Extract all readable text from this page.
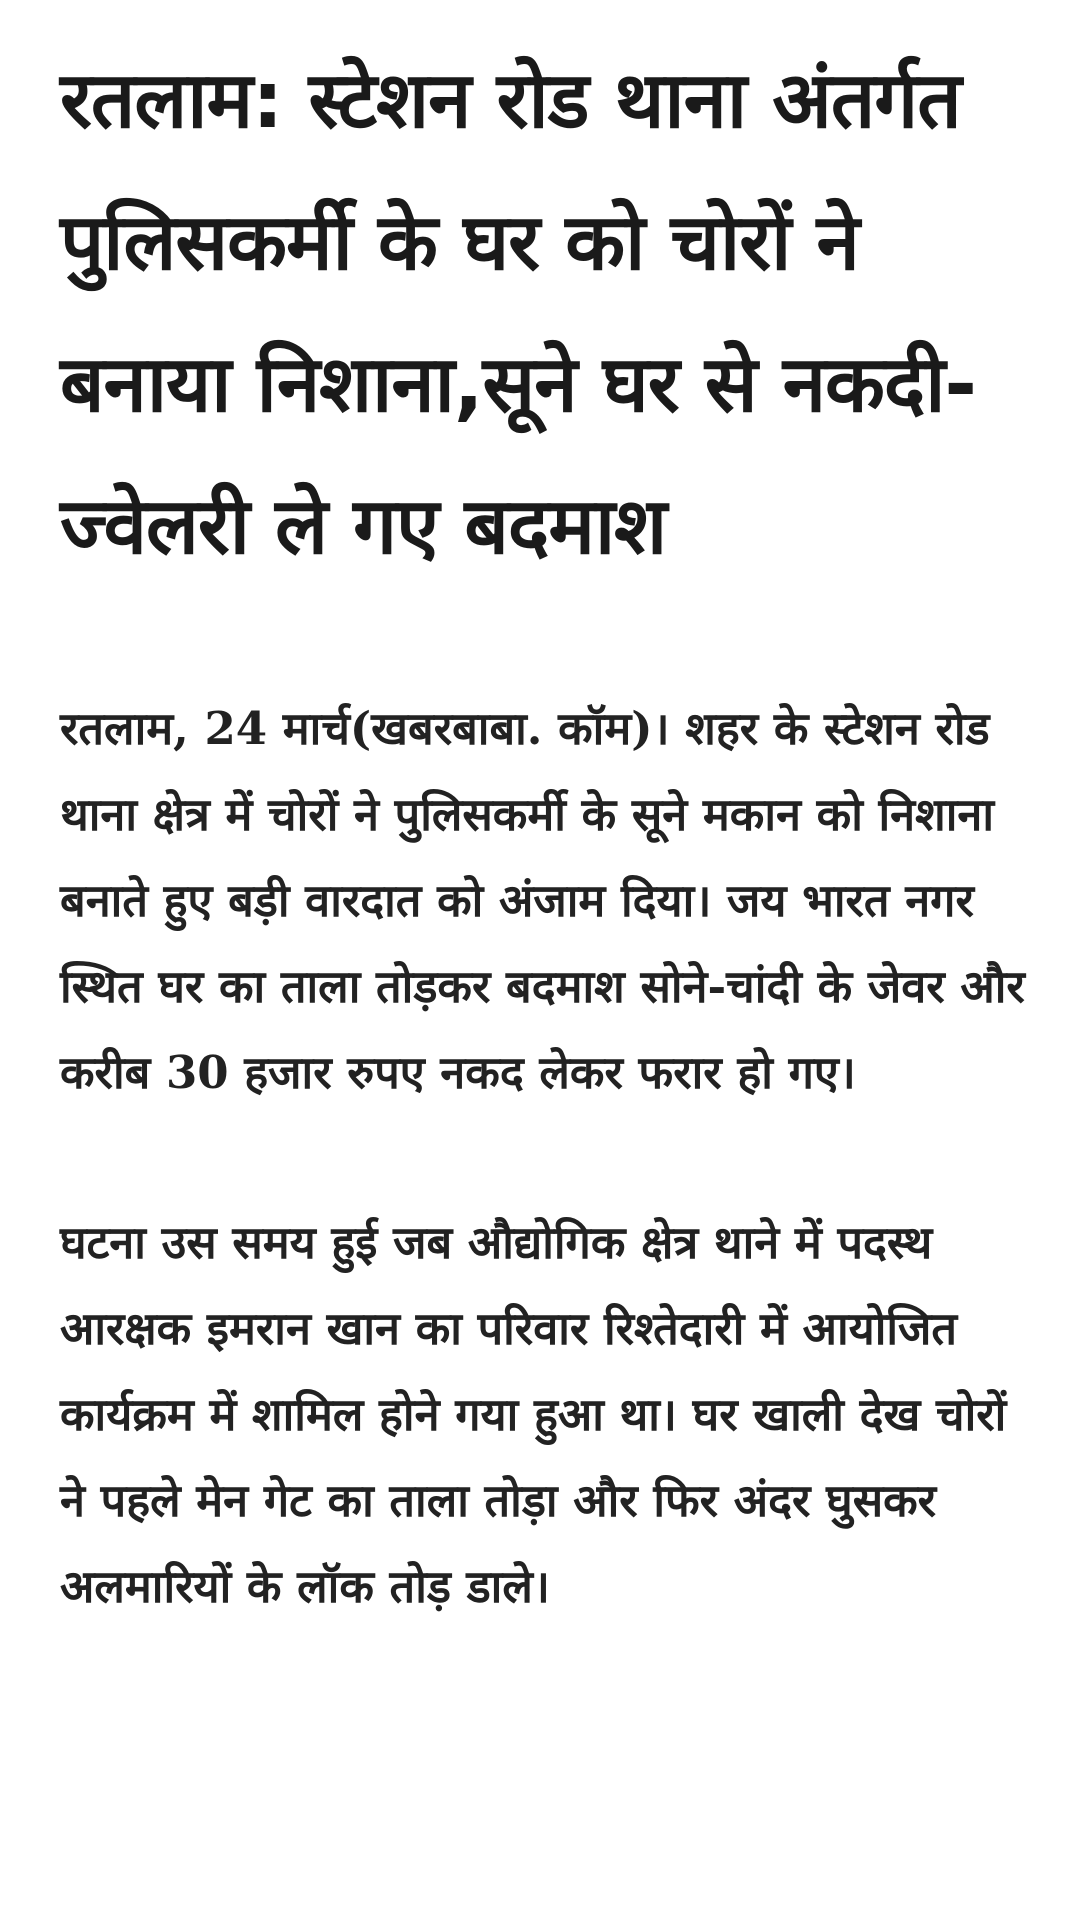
रतलाम: स्टेशन रोड थाना अंतर्गत पुलिसकर्मी के घर को चोरों ने बनाया निशाना,सूने घर से नकदी-ज्वेलरी ले गए बदमाश

रतलाम, 24 मार्च(खबरबाबा. कॉम)। शहर के स्टेशन रोड थाना क्षेत्र में चोरों ने पुलिसकर्मी के सूने मकान को निशाना बनाते हुए बड़ी वारदात को अंजाम दिया। जय भारत नगर स्थित घर का ताला तोड़कर बदमाश सोने-चांदी के जेवर और करीब 30 हजार रुपए नकद लेकर फरार हो गए।

घटना उस समय हुई जब औद्योगिक क्षेत्र थाने में पदस्थ आरक्षक इमरान खान का परिवार रिश्तेदारी में आयोजित कार्यक्रम में शामिल होने गया हुआ था। घर खाली देख चोरों ने पहले मेन गेट का ताला तोड़ा और फिर अंदर घुसकर अलमारियों के लॉक तोड़ डाले।
